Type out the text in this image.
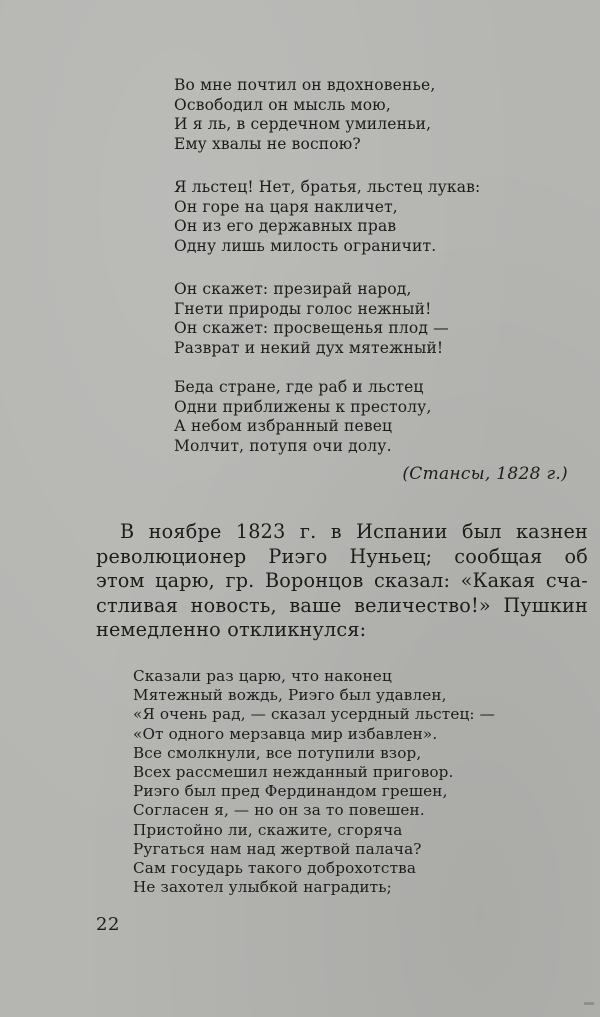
Во мне почтил он вдохновенье,
Освободил он мысль мою,
И я ль, в сердечном умиленьи,
Ему хвалы не воспою?
Я льстец! Нет, братья, льстец лукав:
Он горе на царя накличет,
Он из его державных прав
Одну лишь милость ограничит.
Он скажет: презирай народ,
Гнети природы голос нежный!
Он скажет: просвещенья плод —
Разврат и некий дух мятежный!
Беда стране, где раб и льстец
Одни приближены к престолу,
А небом избранный певец
Молчит, потупя очи долу.
(Стансы, 1828 г.)
В ноябре 1823 г. в Испании был казнен
революционер Риэго Нуньец; сообщая об
этом царю, гр. Воронцов сказал: «Какая сча-
стливая новость, ваше величество!» Пушкин
немедленно откликнулся:
Сказали раз царю, что наконец
Мятежный вождь, Риэго был удавлен,
«Я очень рад, — сказал усердный льстец: —
«От одного мерзавца мир избавлен».
Все смолкнули, все потупили взор,
Всех рассмешил нежданный приговор.
Риэго был пред Фердинандом грешен,
Согласен я, — но он за то повешен.
Пристойно ли, скажите, сгоряча
Ругаться нам над жертвой палача?
Сам государь такого доброхотства
Не захотел улыбкой наградить;
22
